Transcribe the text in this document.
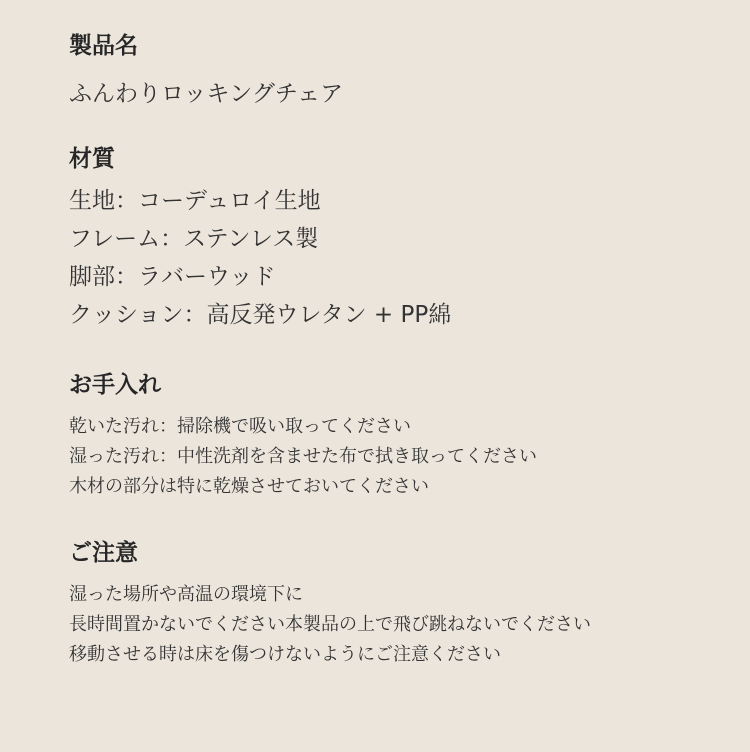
製品名
ふんわりロッキングチェア
材質
生地：コーデュロイ生地
フレーム：ステンレス製
脚部：ラバーウッド
クッション：高反発ウレタン + PP綿
お手入れ
乾いた汚れ：掃除機で吸い取ってください
湿った汚れ：中性洗剤を含ませた布で拭き取ってください
木材の部分は特に乾燥させておいてください
ご注意
湿った場所や高温の環境下に
長時間置かないでください本製品の上で飛び跳ねないでください
移動させる時は床を傷つけないようにご注意ください
